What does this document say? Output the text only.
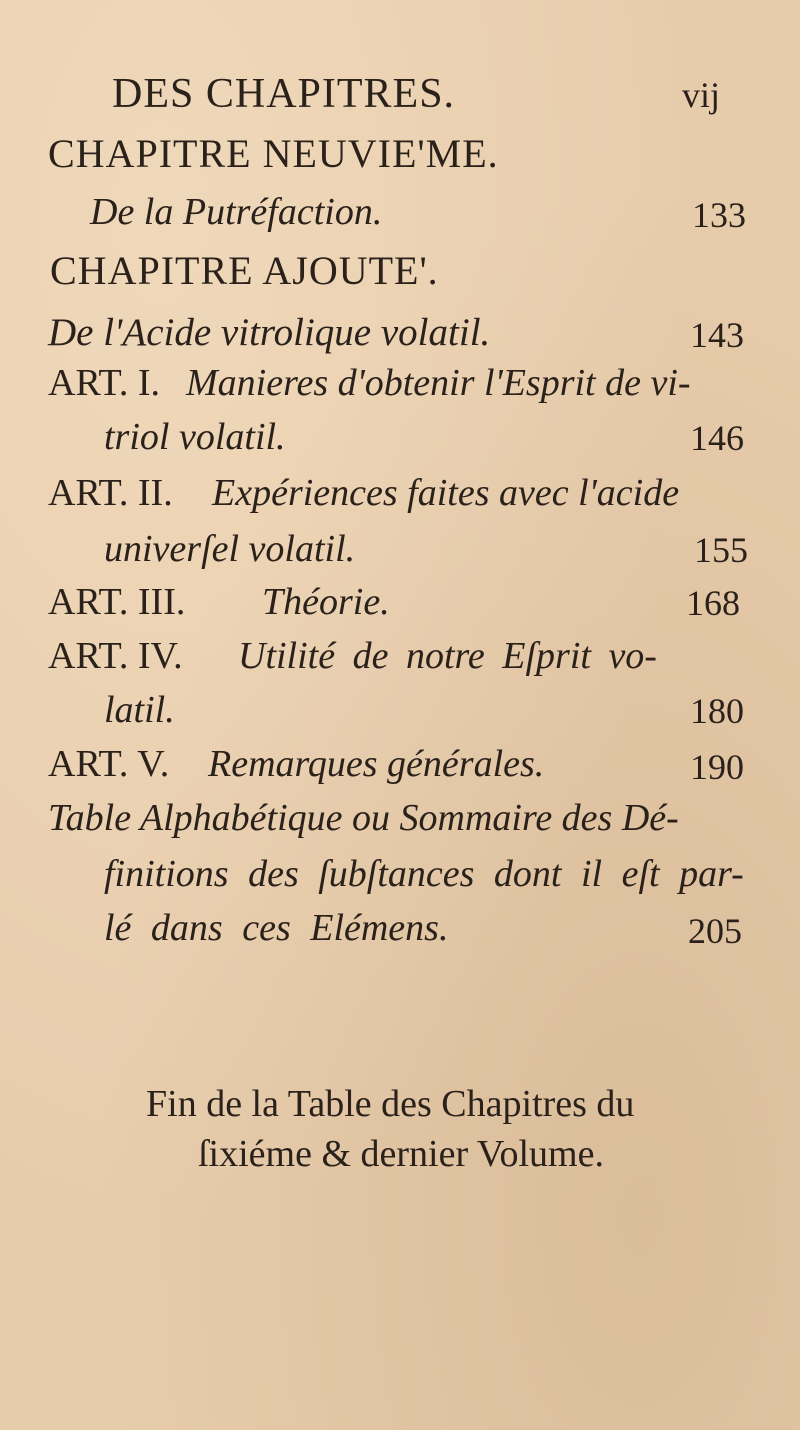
DES CHAPITRES.	vij
CHAPITRE NEUVIE'ME.
De la Putréfaction.	133
CHAPITRE AJOUTE'.
De l'Acide vitrolique volatil.	143
ART. I. Manieres d'obtenir l'Esprit de vi-
triol volatil.	146
ART. II. Expériences faites avec l'acide
univerſel volatil.	155
ART. III. Théorie.	168
ART. IV. Utilité de notre Eſprit vo-
latil.	180
ART. V. Remarques générales.	190
Table Alphabétique ou Sommaire des Dé-
finitions des ſubſtances dont il eſt par-
lé dans ces Elémens.	205
Fin de la Table des Chapitres du
ſixiéme & dernier Volume.
